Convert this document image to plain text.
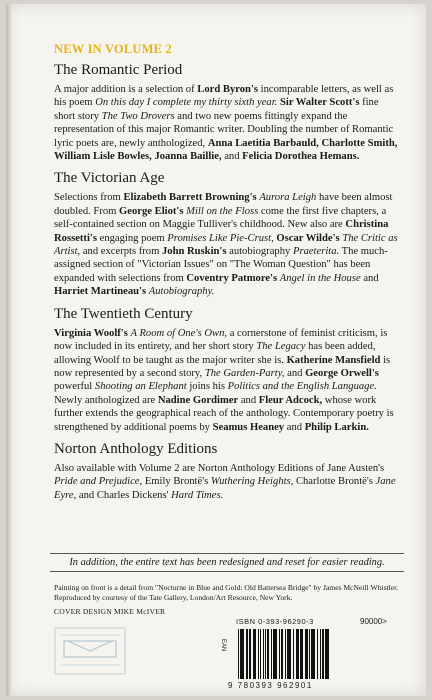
NEW IN VOLUME 2
The Romantic Period

A major addition is a selection of Lord Byron's incomparable letters, as well as his poem On this day I complete my thirty sixth year. Sir Walter Scott's fine short story The Two Drovers and two new poems fittingly expand the representation of this major Romantic writer. Doubling the number of Romantic lyric poets are, newly anthologized, Anna Laetitia Barbauld, Charlotte Smith, William Lisle Bowles, Joanna Baillie, and Felicia Dorothea Hemans.

The Victorian Age

Selections from Elizabeth Barrett Browning's Aurora Leigh have been almost doubled. From George Eliot's Mill on the Floss come the first five chapters, a self-contained section on Maggie Tulliver's childhood. New also are Christina Rossetti's engaging poem Promises Like Pie-Crust, Oscar Wilde's The Critic as Artist, and excerpts from John Ruskin's autobiography Praeterita. The much-assigned section of "Victorian Issues" on "The Woman Question" has been expanded with selections from Coventry Patmore's Angel in the House and Harriet Martineau's Autobiography.

The Twentieth Century

Virginia Woolf's A Room of One's Own, a cornerstone of feminist criticism, is now included in its entirety, and her short story The Legacy has been added, allowing Woolf to be taught as the major writer she is. Katherine Mansfield is now represented by a second story, The Garden-Party, and George Orwell's powerful Shooting an Elephant joins his Politics and the English Language. Newly anthologized are Nadine Gordimer and Fleur Adcock, whose work further extends the geographical reach of the anthology. Contemporary poetry is strengthened by additional poems by Seamus Heaney and Philip Larkin.

Norton Anthology Editions

Also available with Volume 2 are Norton Anthology Editions of Jane Austen's Pride and Prejudice, Emily Brontë's Wuthering Heights, Charlotte Brontë's Jane Eyre, and Charles Dickens' Hard Times.

In addition, the entire text has been redesigned and reset for easier reading.
Painting on front is a detail from "Nocturne in Blue and Gold: Old Battersea Bridge" by James McNeill Whistler. Reproduced by courtesy of the Tate Gallery, London/Art Resource, New York.
COVER DESIGN MIKE McIVER
ISBN 0-393-96290-3	90000>
EAN
9 780393 962901
